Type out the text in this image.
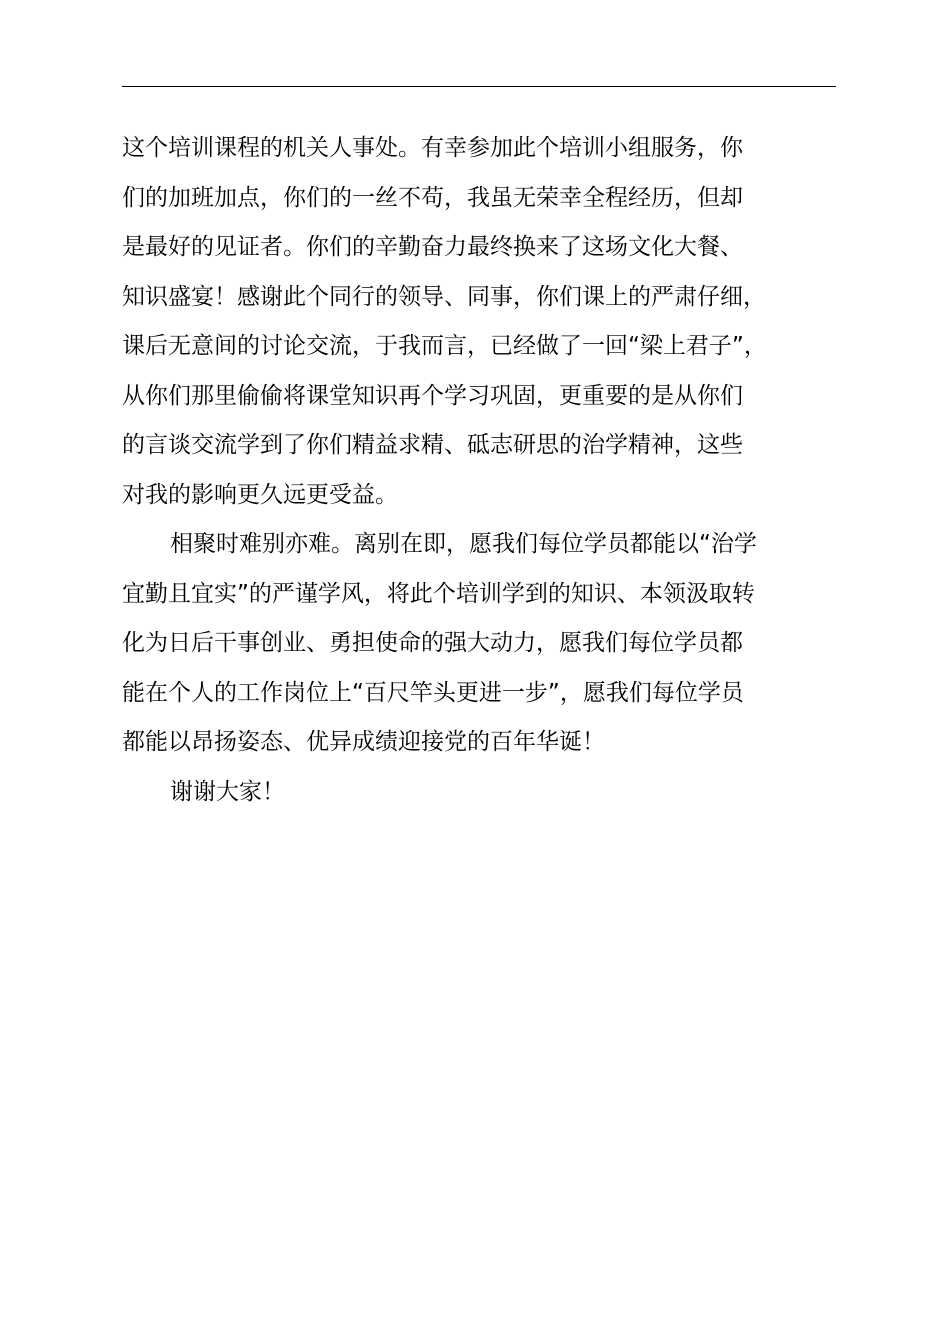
这个培训课程的机关人事处。有幸参加此个培训小组服务，你
们的加班加点，你们的一丝不苟，我虽无荣幸全程经历，但却
是最好的见证者。你们的辛勤奋力最终换来了这场文化大餐、
知识盛宴！感谢此个同行的领导、同事，你们课上的严肃仔细，
课后无意间的讨论交流，于我而言，已经做了一回“梁上君子”，
从你们那里偷偷将课堂知识再个学习巩固，更重要的是从你们
的言谈交流学到了你们精益求精、砥志研思的治学精神，这些
对我的影响更久远更受益。
相聚时难别亦难。离别在即，愿我们每位学员都能以“治学
宜勤且宜实”的严谨学风，将此个培训学到的知识、本领汲取转
化为日后干事创业、勇担使命的强大动力，愿我们每位学员都
能在个人的工作岗位上“百尺竿头更进一步”，愿我们每位学员
都能以昂扬姿态、优异成绩迎接党的百年华诞！
谢谢大家！
